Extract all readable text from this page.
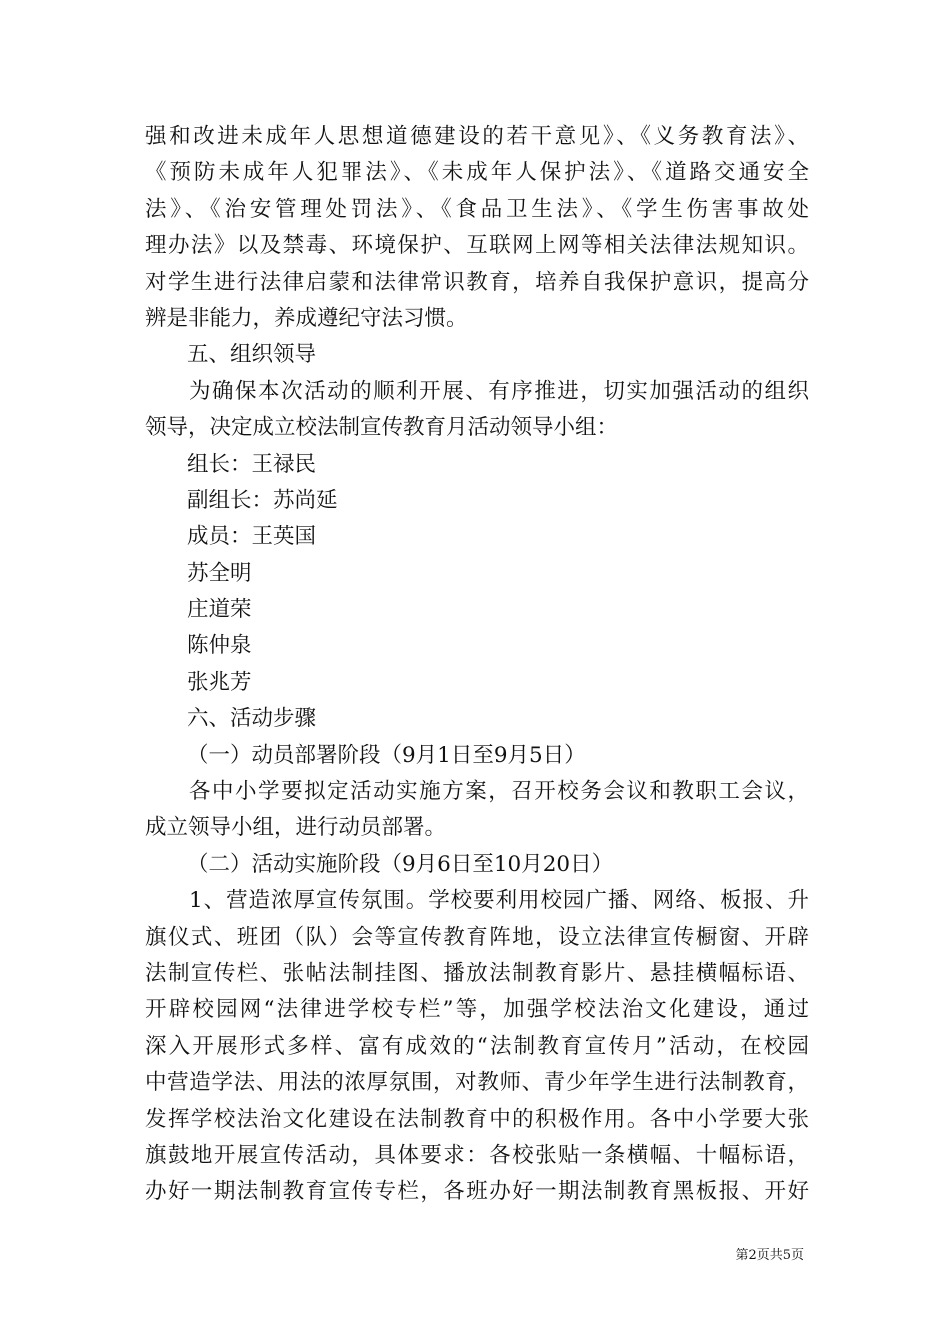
强和改进未成年人思想道德建设的若干意见》、《义务教育法》、
《预防未成年人犯罪法》、《未成年人保护法》、《道路交通安全
法》、《治安管理处罚法》、《食品卫生法》、《学生伤害事故处
理办法》以及禁毒、环境保护、互联网上网等相关法律法规知识。
对学生进行法律启蒙和法律常识教育，培养自我保护意识，提高分
辨是非能力，养成遵纪守法习惯。
五、组织领导
为确保本次活动的顺利开展、有序推进，切实加强活动的组织
领导，决定成立校法制宣传教育月活动领导小组：
组长：王禄民
副组长：苏尚延
成员：王英国
苏全明
庄道荣
陈仲泉
张兆芳
六、活动步骤
（一）动员部署阶段（9月1日至9月5日）
各中小学要拟定活动实施方案，召开校务会议和教职工会议，
成立领导小组，进行动员部署。
（二）活动实施阶段（9月6日至10月20日）
1、营造浓厚宣传氛围。学校要利用校园广播、网络、板报、升
旗仪式、班团（队）会等宣传教育阵地，设立法律宣传橱窗、开辟
法制宣传栏、张帖法制挂图、播放法制教育影片、悬挂横幅标语、
开辟校园网“法律进学校专栏”等，加强学校法治文化建设，通过
深入开展形式多样、富有成效的“法制教育宣传月”活动，在校园
中营造学法、用法的浓厚氛围，对教师、青少年学生进行法制教育，
发挥学校法治文化建设在法制教育中的积极作用。各中小学要大张
旗鼓地开展宣传活动，具体要求：各校张贴一条横幅、十幅标语，
办好一期法制教育宣传专栏，各班办好一期法制教育黑板报、开好
第2页共5页
